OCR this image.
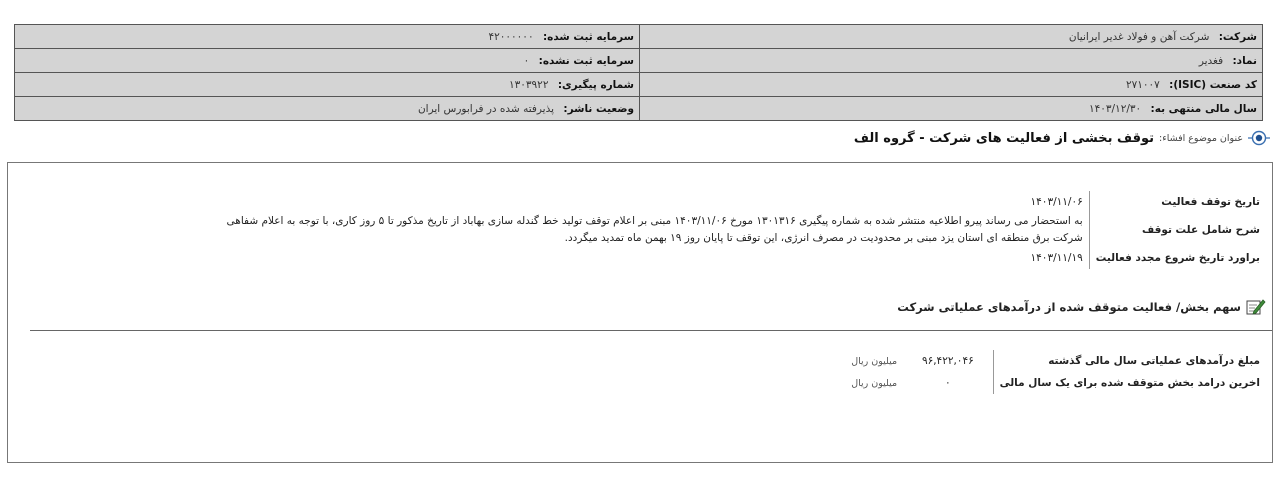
شرکت: شرکت آهن و فولاد غدیر ایرانیان	سرمایه ثبت شده: ۴۲۰۰۰۰۰۰
نماد: فغدیر	سرمایه ثبت نشده: ۰
کد صنعت (ISIC): ۲۷۱۰۰۷	شماره پیگیری: ۱۳۰۳۹۲۲
سال مالی منتهی به: ۱۴۰۳/۱۲/۳۰	وضعیت ناشر: پذیرفته شده در فرابورس ایران
عنوان موضوع افشاء:
توقف بخشی از فعالیت های شرکت - گروه الف
تاریخ توقف فعالیت	۱۴۰۳/۱۱/۰۶
شرح شامل علت توقف	به استحضار می رساند پیرو اطلاعیه منتشر شده به شماره پیگیری ۱۳۰۱۳۱۶ مورخ ۱۴۰۳/۱۱/۰۶ مبنی بر اعلام توقف تولید خط گندله سازی بهاباد از تاریخ مذکور تا ۵ روز کاری، با توجه به اعلام شفاهی
شرکت برق منطقه ای استان یزد مبنی بر محدودیت در مصرف انرژی، این توقف تا پایان روز ۱۹ بهمن ماه تمدید میگردد.

براورد تاریخ شروع مجدد فعالیت	۱۴۰۳/۱۱/۱۹
سهم بخش/ فعالیت متوقف شده از درآمدهای عملیاتی شرکت
مبلغ درآمدهای عملیاتی سال مالی گذشته	۹۶,۴۲۲,۰۴۶	میلیون ریال
اخرین درامد بخش متوقف شده برای یک سال مالی	۰	میلیون ریال
